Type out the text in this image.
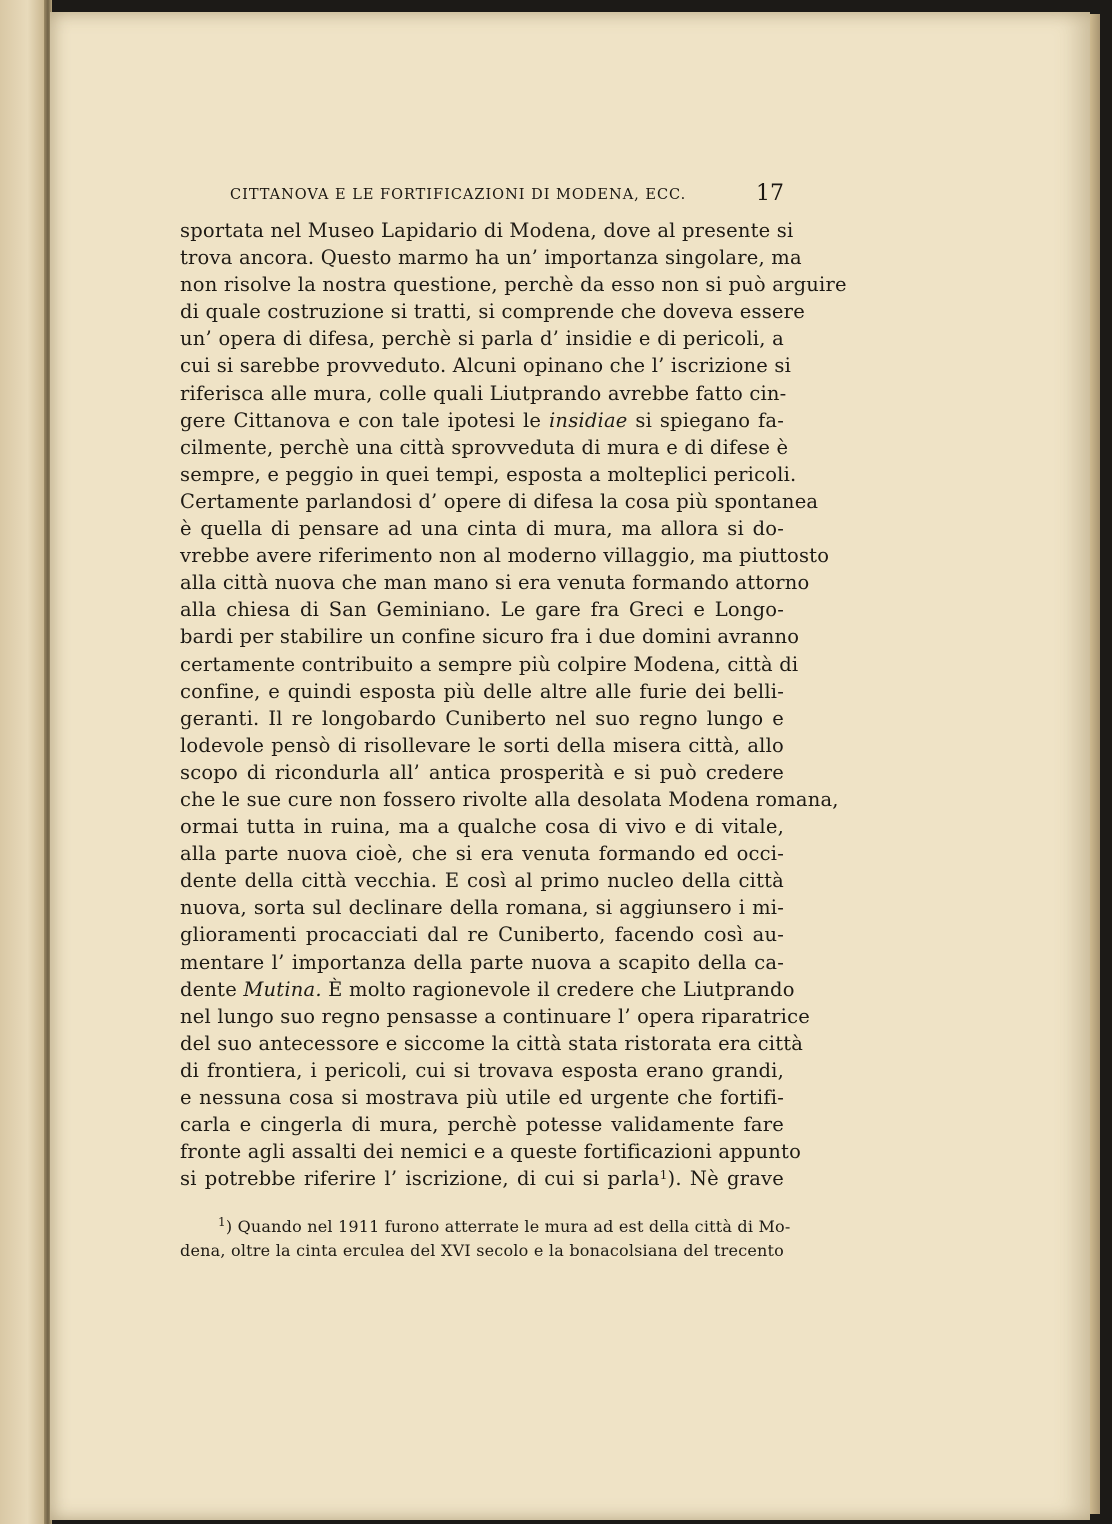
CITTANOVA E LE FORTIFICAZIONI DI MODENA, ECC.	17
sportata nel Museo Lapidario di Modena, dove al presente si
trova ancora. Questo marmo ha un’ importanza singolare, ma
non risolve la nostra questione, perchè da esso non si può arguire
di quale costruzione si tratti, si comprende che doveva essere
un’ opera di difesa, perchè si parla d’ insidie e di pericoli, a
cui si sarebbe provveduto. Alcuni opinano che l’ iscrizione si
riferisca alle mura, colle quali Liutprando avrebbe fatto cin-
gere Cittanova e con tale ipotesi le insidiae si spiegano fa-
cilmente, perchè una città sprovveduta di mura e di difese è
sempre, e peggio in quei tempi, esposta a molteplici pericoli.
Certamente parlandosi d’ opere di difesa la cosa più spontanea
è quella di pensare ad una cinta di mura, ma allora si do-
vrebbe avere riferimento non al moderno villaggio, ma piuttosto
alla città nuova che man mano si era venuta formando attorno
alla chiesa di San Geminiano. Le gare fra Greci e Longo-
bardi per stabilire un confine sicuro fra i due domini avranno
certamente contribuito a sempre più colpire Modena, città di
confine, e quindi esposta più delle altre alle furie dei belli-
geranti. Il re longobardo Cuniberto nel suo regno lungo e
lodevole pensò di risollevare le sorti della misera città, allo
scopo di ricondurla all’ antica prosperità e si può credere
che le sue cure non fossero rivolte alla desolata Modena romana,
ormai tutta in ruina, ma a qualche cosa di vivo e di vitale,
alla parte nuova cioè, che si era venuta formando ed occi-
dente della città vecchia. E così al primo nucleo della città
nuova, sorta sul declinare della romana, si aggiunsero i mi-
glioramenti procacciati dal re Cuniberto, facendo così au-
mentare l’ importanza della parte nuova a scapito della ca-
dente Mutina. È molto ragionevole il credere che Liutprando
nel lungo suo regno pensasse a continuare l’ opera riparatrice
del suo antecessore e siccome la città stata ristorata era città
di frontiera, i pericoli, cui si trovava esposta erano grandi,
e nessuna cosa si mostrava più utile ed urgente che fortifi-
carla e cingerla di mura, perchè potesse validamente fare
fronte agli assalti dei nemici e a queste fortificazioni appunto
si potrebbe riferire l’ iscrizione, di cui si parla$^1$). Nè grave
$^1$) Quando nel 1911 furono atterrate le mura ad est della città di Mo-
dena, oltre la cinta erculea del XVI secolo e la bonacolsiana del trecento
